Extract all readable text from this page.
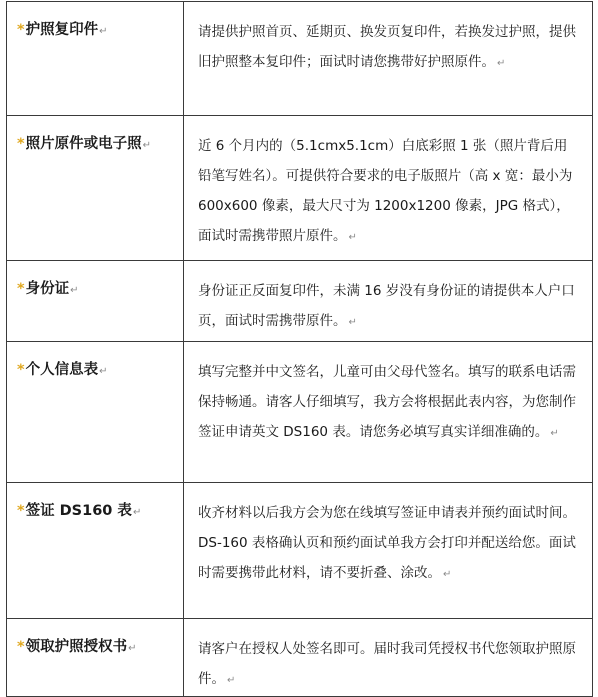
*护照复印件↵	请提供护照首页、延期页、换发页复印件，若换发过护照，提供旧护照整本复印件；面试时请您携带好护照原件。 ↵
*照片原件或电子照↵	近 6 个月内的（5.1cmx5.1cm）白底彩照 1 张（照片背后用铅笔写姓名）。可提供符合要求的电子版照片（高 x 宽：最小为 600x600 像素，最大尺寸为 1200x1200 像素，JPG 格式），面试时需携带照片原件。 ↵
*身份证↵	身份证正反面复印件，未满 16 岁没有身份证的请提供本人户口页，面试时需携带原件。 ↵
*个人信息表↵	填写完整并中文签名，儿童可由父母代签名。填写的联系电话需保持畅通。请客人仔细填写，我方会将根据此表内容，为您制作签证申请英文 DS160 表。请您务必填写真实详细准确的。 ↵
*签证 DS160 表↵	收齐材料以后我方会为您在线填写签证申请表并预约面试时间。DS-160 表格确认页和预约面试单我方会打印并配送给您。面试时需要携带此材料，请不要折叠、涂改。 ↵
*领取护照授权书↵	请客户在授权人处签名即可。届时我司凭授权书代您领取护照原件。 ↵
